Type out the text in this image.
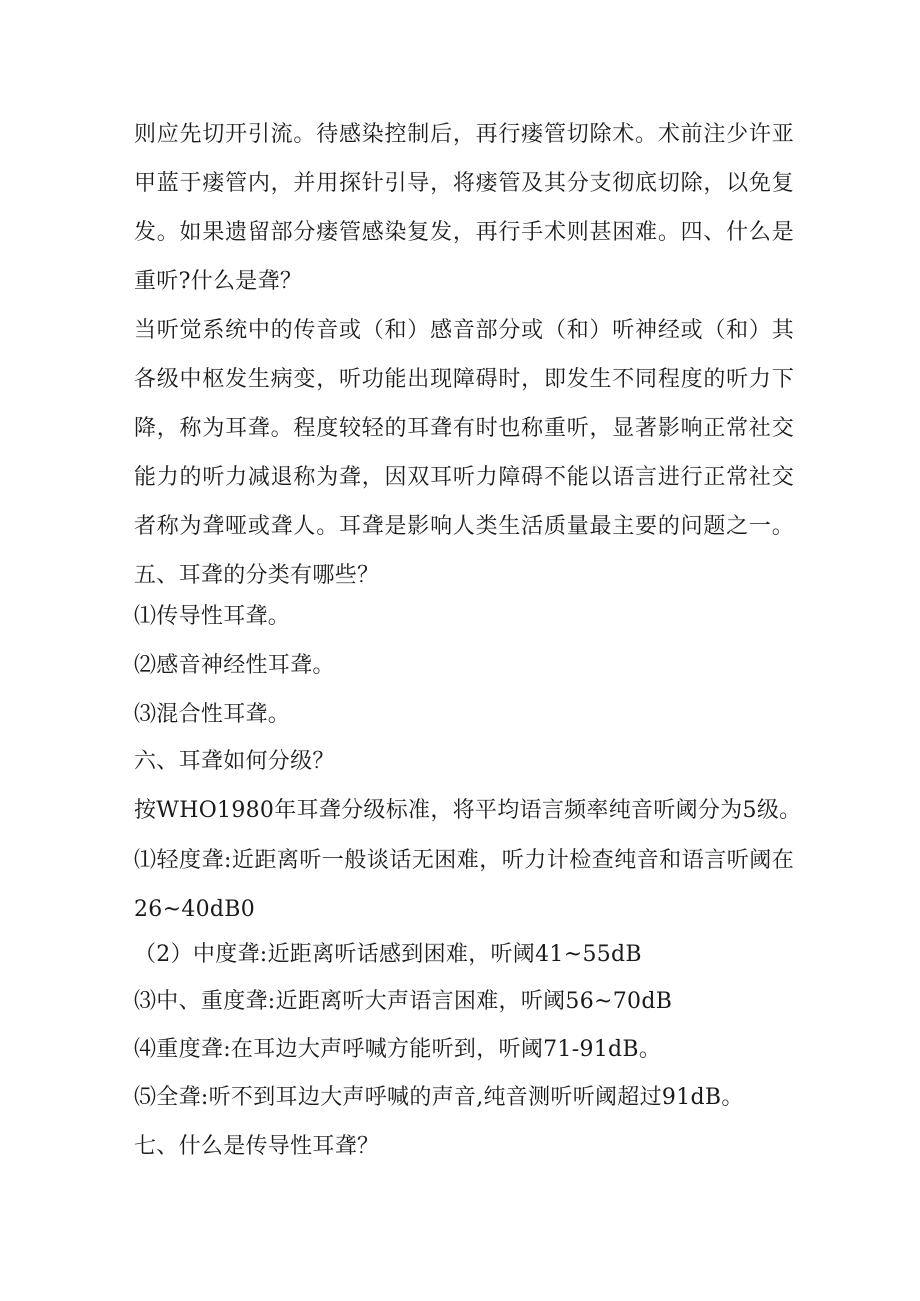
则应先切开引流。待感染控制后，再行瘘管切除术。术前注少许亚甲蓝于瘘管内，并用探针引导，将瘘管及其分支彻底切除，以免复发。如果遗留部分瘘管感染复发，再行手术则甚困难。四、什么是重听?什么是聋？

当听觉系统中的传音或（和）感音部分或（和）听神经或（和）其各级中枢发生病变，听功能出现障碍时，即发生不同程度的听力下降，称为耳聋。程度较轻的耳聋有时也称重听，显著影响正常社交能力的听力减退称为聋，因双耳听力障碍不能以语言进行正常社交者称为聋哑或聋人。耳聋是影响人类生活质量最主要的问题之一。五、耳聋的分类有哪些？

⑴传导性耳聋。

⑵感音神经性耳聋。

⑶混合性耳聋。

六、耳聋如何分级？

按WHO1980年耳聋分级标准，将平均语言频率纯音听阈分为5级。

⑴轻度聋:近距离听一般谈话无困难，听力计检查纯音和语言听阈在26~40dB0

（2）中度聋:近距离听话感到困难，听阈41~55dB

⑶中、重度聋:近距离听大声语言困难，听阈56~70dB

⑷重度聋:在耳边大声呼喊方能听到，听阈71-91dB。

⑸全聋:听不到耳边大声呼喊的声音,纯音测听听阈超过91dB。

七、什么是传导性耳聋？
